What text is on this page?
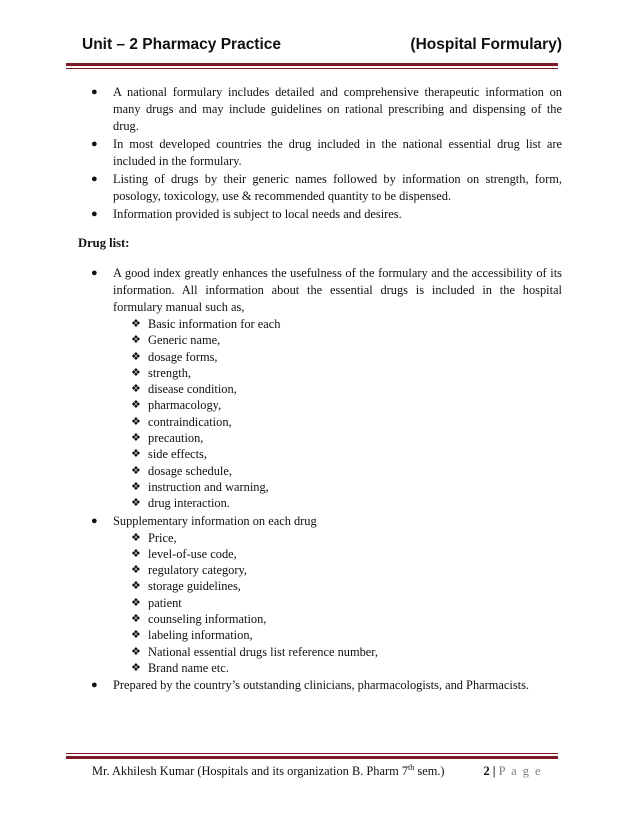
Unit – 2 Pharmacy Practice	(Hospital Formulary)
● A national formulary includes detailed and comprehensive therapeutic information on many drugs and may include guidelines on rational prescribing and dispensing of the drug.
● In most developed countries the drug included in the national essential drug list are included in the formulary.
● Listing of drugs by their generic names followed by information on strength, form, posology, toxicology, use & recommended quantity to be dispensed.
● Information provided is subject to local needs and desires.
Drug list:
● A good index greatly enhances the usefulness of the formulary and the accessibility of its information. All information about the essential drugs is included in the hospital formulary manual such as,
❖ Basic information for each
❖ Generic name,
❖ dosage forms,
❖ strength,
❖ disease condition,
❖ pharmacology,
❖ contraindication,
❖ precaution,
❖ side effects,
❖ dosage schedule,
❖ instruction and warning,
❖ drug interaction.
● Supplementary information on each drug
❖ Price,
❖ level-of-use code,
❖ regulatory category,
❖ storage guidelines,
❖ patient
❖ counseling information,
❖ labeling information,
❖ National essential drugs list reference number,
❖ Brand name etc.
● Prepared by the country’s outstanding clinicians, pharmacologists, and Pharmacists.
Mr. Akhilesh Kumar (Hospitals and its organization B. Pharm 7th sem.)	2 | P a g e
